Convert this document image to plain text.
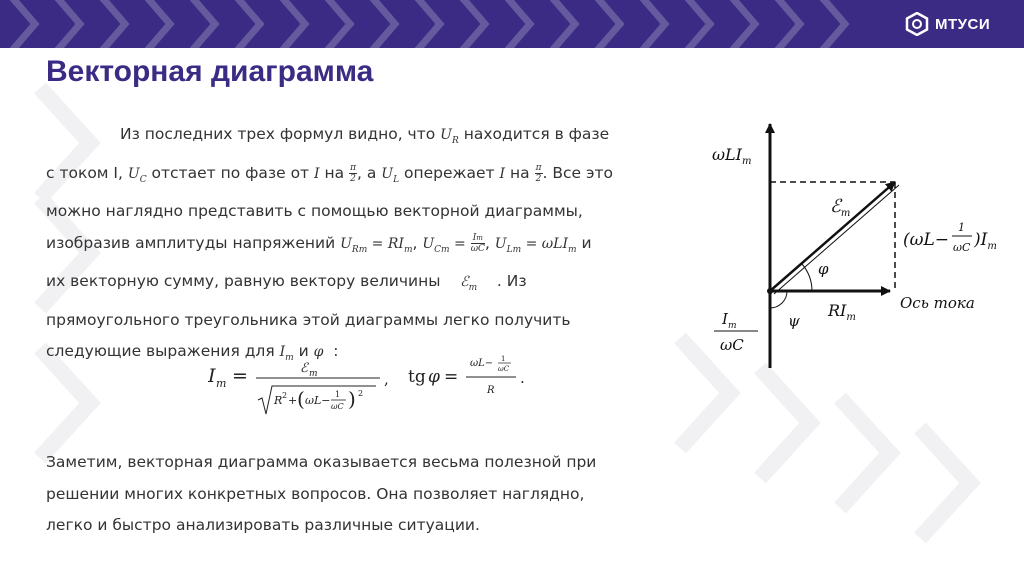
МТУСИ
Векторная диаграмма

Из последних трех формул видно, что $U_R$ находится в фазе

с током I, $U_C$ отстает по фазе от I на $\frac{\pi}{2}$ , а $U_L$ опережает I на $\frac{\pi}{2}$ . Все это

можно наглядно представить с помощью векторной диаграммы,

изобразив амплитуды напряжений $U_{Rm} = RI_m$, $U_{Cm} = \frac{Im}{\omega C}$ , $U_{Lm} = \omega LI_m$ и

их векторную сумму, равную вектору величины ℰ$_m$ . Из

прямоугольного треугольника этой диаграммы легко получить

следующие выражения для $I_m$ и φ :

I m =	ℰ m
R 2 + ( ωL− 1
ωC ) 2
, tg φ =
ωL− 1
ωC
R
.

Заметим, векторная диаграмма оказывается весьма полезной при

решении многих конкретных вопросов. Она позволяет наглядно,

легко и быстро анализировать различные ситуации.

ωLI$_m$
ℰ$_m$
φ
ψ
$RI_m$
Ось тока
(ωL−
1
ωC )$I_m$
$I_m$
ωC
